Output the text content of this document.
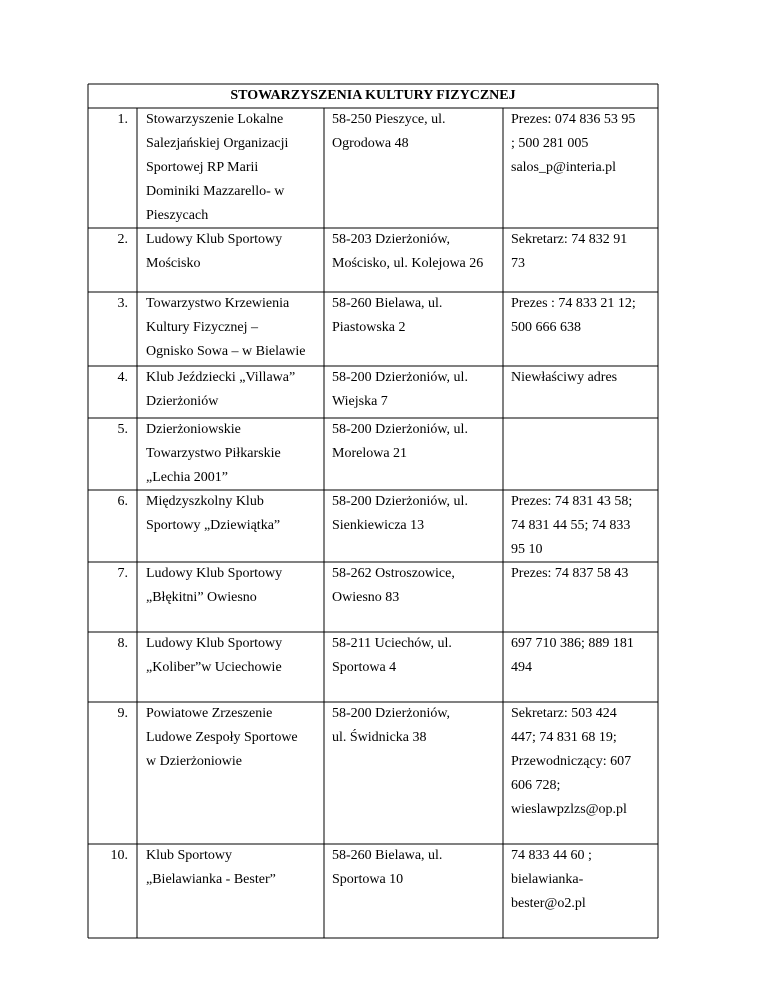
STOWARZYSZENIA KULTURY FIZYCZNEJ
1. Stowarzyszenie Lokalne
Salezjańskiej Organizacji
Sportowej RP Marii
Dominiki Mazzarello- w
Pieszycach
58-250 Pieszyce, ul.
Ogrodowa 48
Prezes: 074 836 53 95
; 500 281 005
salos_p@interia.pl
2. Ludowy Klub Sportowy
Mościsko
58-203 Dzierżoniów,
Mościsko, ul. Kolejowa 26
Sekretarz: 74 832 91
73
3. Towarzystwo Krzewienia
Kultury Fizycznej –
Ognisko Sowa – w Bielawie
58-260 Bielawa, ul.
Piastowska 2
Prezes : 74 833 21 12;
500 666 638
4. Klub Jeździecki „Villawa”
Dzierżoniów
58-200 Dzierżoniów, ul.
Wiejska 7
Niewłaściwy adres
5. Dzierżoniowskie
Towarzystwo Piłkarskie
„Lechia 2001”
58-200 Dzierżoniów, ul.
Morelowa 21
6. Międzyszkolny Klub
Sportowy „Dziewiątka”
58-200 Dzierżoniów, ul.
Sienkiewicza 13
Prezes: 74 831 43 58;
74 831 44 55; 74 833
95 10
7. Ludowy Klub Sportowy
„Błękitni” Owiesno
58-262 Ostroszowice,
Owiesno 83
Prezes: 74 837 58 43
8. Ludowy Klub Sportowy
„Koliber”w Uciechowie
58-211 Uciechów, ul.
Sportowa 4
697 710 386; 889 181
494
9. Powiatowe Zrzeszenie
Ludowe Zespoły Sportowe
w Dzierżoniowie
58-200 Dzierżoniów,
ul. Świdnicka 38
Sekretarz: 503 424
447; 74 831 68 19;
Przewodniczący: 607
606 728;
wieslawpzlzs@op.pl
10. Klub Sportowy
„Bielawianka - Bester”
58-260 Bielawa, ul.
Sportowa 10
74 833 44 60 ;
bielawianka-
bester@o2.pl
